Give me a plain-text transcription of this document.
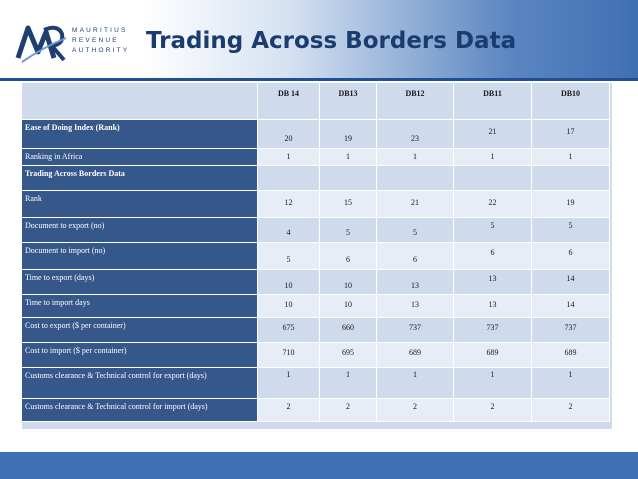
MAURITIUS
REVENUE
AUTHORITY Trading Across Borders Data
	DB 14	DB13	DB12	DB11	DB10
Ease of Doing Index (Rank)	20	19	23	21	17

Ranking in Africa	1	1	1	1	1

Trading Across Borders Data	

Rank	12	15	21	22	19

Document to export (no)	4	5	5	5	5

Document to import (no)	5	6	6	6	6

Time to export (days)	10	10	13	13	14

Time to import days	10	10	13	13	14

Cost to export ($ per container)	675	660	737	737	737

Cost to import ($ per container)	710	695	689	689	689

Customs clearance & Technical control for export (days)	1	1	1	1	1

Customs clearance & Technical control for import (days)	2	2	2	2	2
